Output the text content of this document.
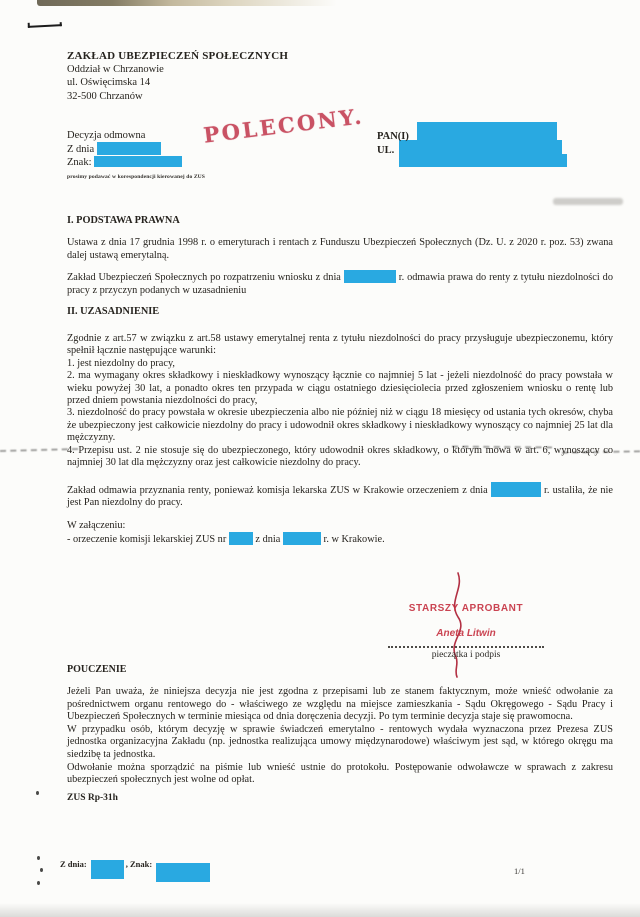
ZAKŁAD UBEZPIECZEŃ SPOŁECZNYCH
Oddział w Chrzanowie
ul. Oświęcimska 14
32-500 Chrzanów
Decyzja odmowna
Z dnia
Znak:
prosimy podawać w korespondencji kierowanej do ZUS
POLECONY. PAN(I)
UL.
I. PODSTAWA PRAWNA
Ustawa z dnia 17 grudnia 1998 r. o emeryturach i rentach z Funduszu Ubezpieczeń Społecznych (Dz. U. z 2020 r. poz. 53) zwana dalej ustawą emerytalną.
Zakład Ubezpieczeń Społecznych po rozpatrzeniu wniosku z dnia	r. odmawia prawa do renty z tytułu niezdolności do pracy z przyczyn podanych w uzasadnieniu
II. UZASADNIENIE
Zgodnie z art.57 w związku z art.58 ustawy emerytalnej renta z tytułu niezdolności do pracy przysługuje ubezpieczonemu, który spełnił łącznie następujące warunki:
1. jest niezdolny do pracy,
2. ma wymagany okres składkowy i nieskładkowy wynoszący łącznie co najmniej 5 lat - jeżeli niezdolność do pracy powstała w wieku powyżej 30 lat, a ponadto okres ten przypada w ciągu ostatniego dziesięciolecia przed zgłoszeniem wniosku o rentę lub przed dniem powstania niezdolności do pracy,
3. niezdolność do pracy powstała w okresie ubezpieczenia albo nie później niż w ciągu 18 miesięcy od ustania tych okresów, chyba że ubezpieczony jest całkowicie niezdolny do pracy i udowodnił okres składkowy i nieskładkowy wynoszący co najmniej 25 lat dla mężczyzny.
4. Przepisu ust. 2 nie stosuje się do ubezpieczonego, który udowodnił okres składkowy, o którym mowa w art. 6, wynoszący co najmniej 30 lat dla mężczyzny oraz jest całkowicie niezdolny do pracy.
Zakład odmawia przyznania renty, ponieważ komisja lekarska ZUS w Krakowie orzeczeniem z dnia	r. ustaliła, że nie jest Pan niezdolny do pracy.
W załączeniu:
- orzeczenie komisji lekarskiej ZUS nr	z dnia	r. w Krakowie.
STARSZY APROBANT
Aneta Litwin
pieczątka i podpis
POUCZENIE
Jeżeli Pan uważa, że niniejsza decyzja nie jest zgodna z przepisami lub ze stanem faktycznym, może wnieść odwołanie za pośrednictwem organu rentowego do - właściwego ze względu na miejsce zamieszkania - Sądu Okręgowego - Sądu Pracy i Ubezpieczeń Społecznych w terminie miesiąca od dnia doręczenia decyzji. Po tym terminie decyzja staje się prawomocna.
W przypadku osób, którym decyzję w sprawie świadczeń emerytalno - rentowych wydała wyznaczona przez Prezesa ZUS jednostka organizacyjna Zakładu (np. jednostka realizująca umowy międzynarodowe) właściwym jest sąd, w którego okręgu ma siedzibę ta jednostka.
Odwołanie można sporządzić na piśmie lub wnieść ustnie do protokołu. Postępowanie odwoławcze w sprawach z zakresu ubezpieczeń społecznych jest wolne od opłat.
ZUS Rp-31h
Z dnia:	, Znak:
1/1
